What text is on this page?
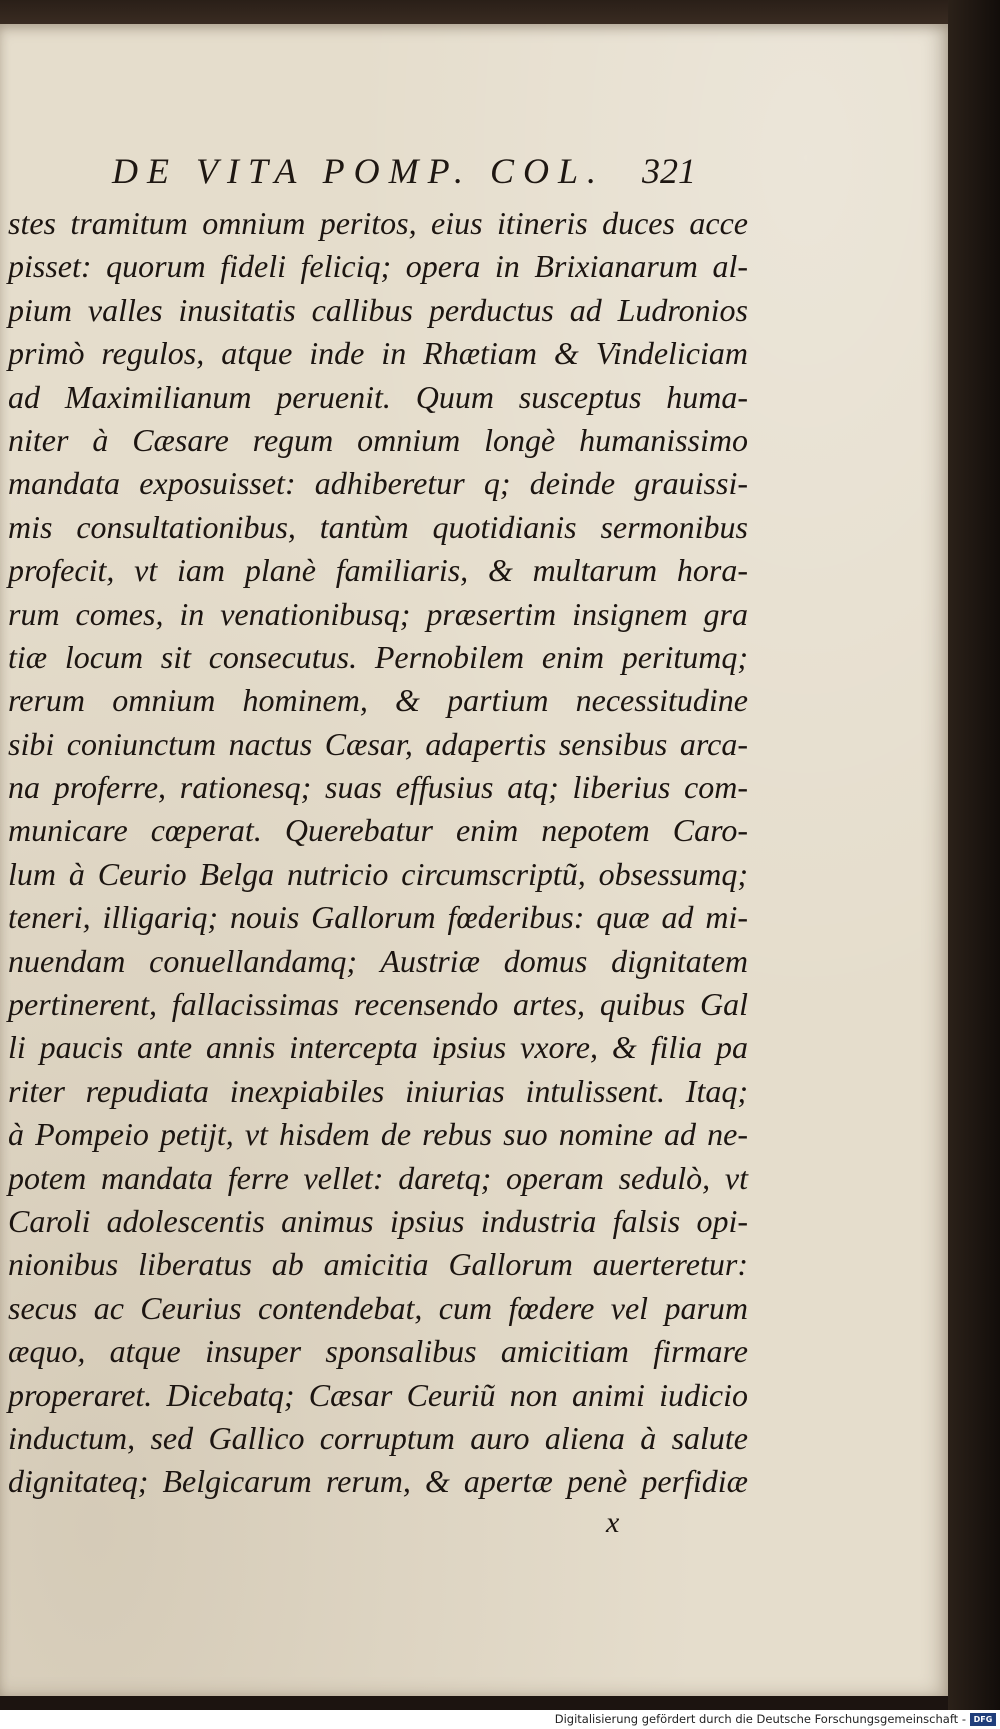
DE VITA POMP. COL. 321

stes tramitum omnium peritos, eius itineris duces acce

pisset: quorum fideli feliciq; opera in Brixianarum al-

pium valles inusitatis callibus perductus ad Ludronios

primò regulos, atque inde in Rhætiam & Vindeliciam

ad Maximilianum peruenit. Quum susceptus huma-

niter à Cæsare regum omnium longè humanissimo

mandata exposuisset: adhiberetur q; deinde grauissi-

mis consultationibus, tantùm quotidianis sermonibus

profecit, vt iam planè familiaris, & multarum hora-

rum comes, in venationibusq; præsertim insignem gra

tiæ locum sit consecutus. Pernobilem enim peritumq;

rerum omnium hominem, & partium necessitudine

sibi coniunctum nactus Cæsar, adapertis sensibus arca-

na proferre, rationesq; suas effusius atq; liberius com-

municare cœperat. Querebatur enim nepotem Caro-

lum à Ceurio Belga nutricio circumscriptũ, obsessumq;

teneri, illigariq; nouis Gallorum fœderibus: quæ ad mi-

nuendam conuellandamq; Austriæ domus dignitatem

pertinerent, fallacissimas recensendo artes, quibus Gal

li paucis ante annis intercepta ipsius vxore, & filia pa

riter repudiata inexpiabiles iniurias intulissent. Itaq;

à Pompeio petijt, vt hisdem de rebus suo nomine ad ne-

potem mandata ferre vellet: daretq; operam sedulò, vt

Caroli adolescentis animus ipsius industria falsis opi-

nionibus liberatus ab amicitia Gallorum auerteretur:

secus ac Ceurius contendebat, cum fœdere vel parum

æquo, atque insuper sponsalibus amicitiam firmare

properaret. Dicebatq; Cæsar Ceuriũ non animi iudicio

inductum, sed Gallico corruptum auro aliena à salute

dignitateq; Belgicarum rerum, & apertæ penè perfidiæ

x
Digitalisierung gefördert durch die Deutsche Forschungsgemeinschaft - DFG
